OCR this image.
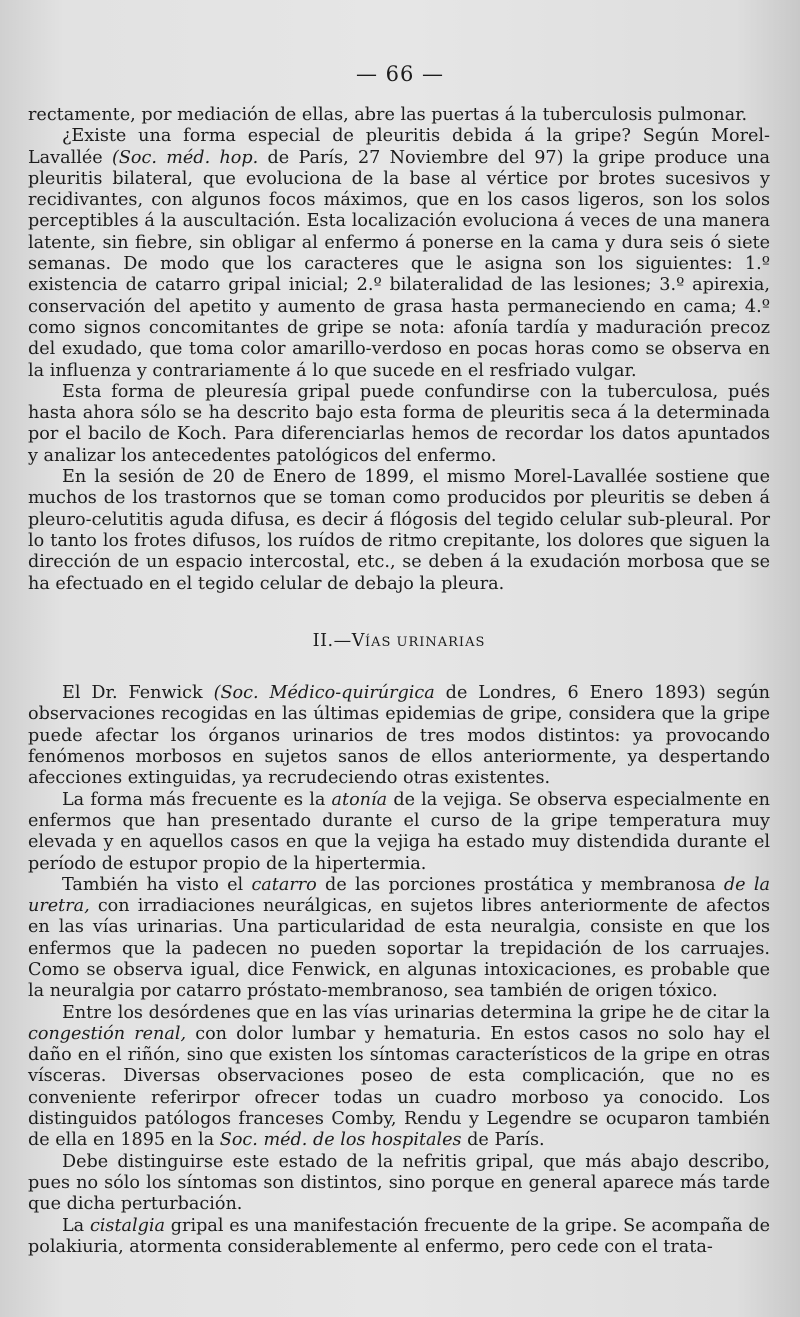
— 66 —

rectamente, por mediación de ellas, abre las puertas á la tuberculosis pulmonar.

¿Existe una forma especial de pleuritis debida á la gripe? Según Morel-Lavallée (Soc. méd. hop. de París, 27 Noviembre del 97) la gripe produce una pleuritis bilateral, que evoluciona de la base al vértice por brotes sucesivos y recidivantes, con algunos focos máximos, que en los casos ligeros, son los solos perceptibles á la auscultación. Esta localización evoluciona á veces de una manera latente, sin fiebre, sin obligar al enfermo á ponerse en la cama y dura seis ó siete semanas. De modo que los caracteres que le asigna son los siguientes: 1.º existencia de catarro gripal inicial; 2.º bilateralidad de las lesiones; 3.º apirexia, conservación del apetito y aumento de grasa hasta permaneciendo en cama; 4.º como signos concomitantes de gripe se nota: afonía tardía y maduración precoz del exudado, que toma color amarillo-verdoso en pocas horas como se observa en la influenza y contrariamente á lo que sucede en el resfriado vulgar.

Esta forma de pleuresía gripal puede confundirse con la tuberculosa, pués hasta ahora sólo se ha descrito bajo esta forma de pleuritis seca á la determinada por el bacilo de Koch. Para diferenciarlas hemos de recordar los datos apuntados y analizar los antecedentes patológicos del enfermo.

En la sesión de 20 de Enero de 1899, el mismo Morel-Lavallée sostiene que muchos de los trastornos que se toman como producidos por pleuritis se deben á pleuro-celutitis aguda difusa, es decir á flógosis del tegido celular sub-pleural. Por lo tanto los frotes difusos, los ruídos de ritmo crepitante, los dolores que siguen la dirección de un espacio intercostal, etc., se deben á la exudación morbosa que se ha efectuado en el tegido celular de debajo la pleura.

II.—VÍAS URINARIAS

El Dr. Fenwick (Soc. Médico-quirúrgica de Londres, 6 Enero 1893) según observaciones recogidas en las últimas epidemias de gripe, considera que la gripe puede afectar los órganos urinarios de tres modos distintos: ya provocando fenómenos morbosos en sujetos sanos de ellos anteriormente, ya despertando afecciones extinguidas, ya recrudeciendo otras existentes.

La forma más frecuente es la atonía de la vejiga. Se observa especialmente en enfermos que han presentado durante el curso de la gripe temperatura muy elevada y en aquellos casos en que la vejiga ha estado muy distendida durante el período de estupor propio de la hipertermia.

También ha visto el catarro de las porciones prostática y membranosa de la uretra, con irradiaciones neurálgicas, en sujetos libres anteriormente de afectos en las vías urinarias. Una particularidad de esta neuralgia, consiste en que los enfermos que la padecen no pueden soportar la trepidación de los carruajes. Como se observa igual, dice Fenwick, en algunas intoxicaciones, es probable que la neuralgia por catarro próstato-membranoso, sea también de origen tóxico.

Entre los desórdenes que en las vías urinarias determina la gripe he de citar la congestión renal, con dolor lumbar y hematuria. En estos casos no solo hay el daño en el riñón, sino que existen los síntomas característicos de la gripe en otras vísceras. Diversas observaciones poseo de esta complicación, que no es conveniente referirpor ofrecer todas un cuadro morboso ya conocido. Los distinguidos patólogos franceses Comby, Rendu y Legendre se ocuparon también de ella en 1895 en la Soc. méd. de los hospitales de París.

Debe distinguirse este estado de la nefritis gripal, que más abajo describo, pues no sólo los síntomas son distintos, sino porque en general aparece más tarde que dicha perturbación.

La cistalgia gripal es una manifestación frecuente de la gripe. Se acompaña de polakiuria, atormenta considerablemente al enfermo, pero cede con el trata-
